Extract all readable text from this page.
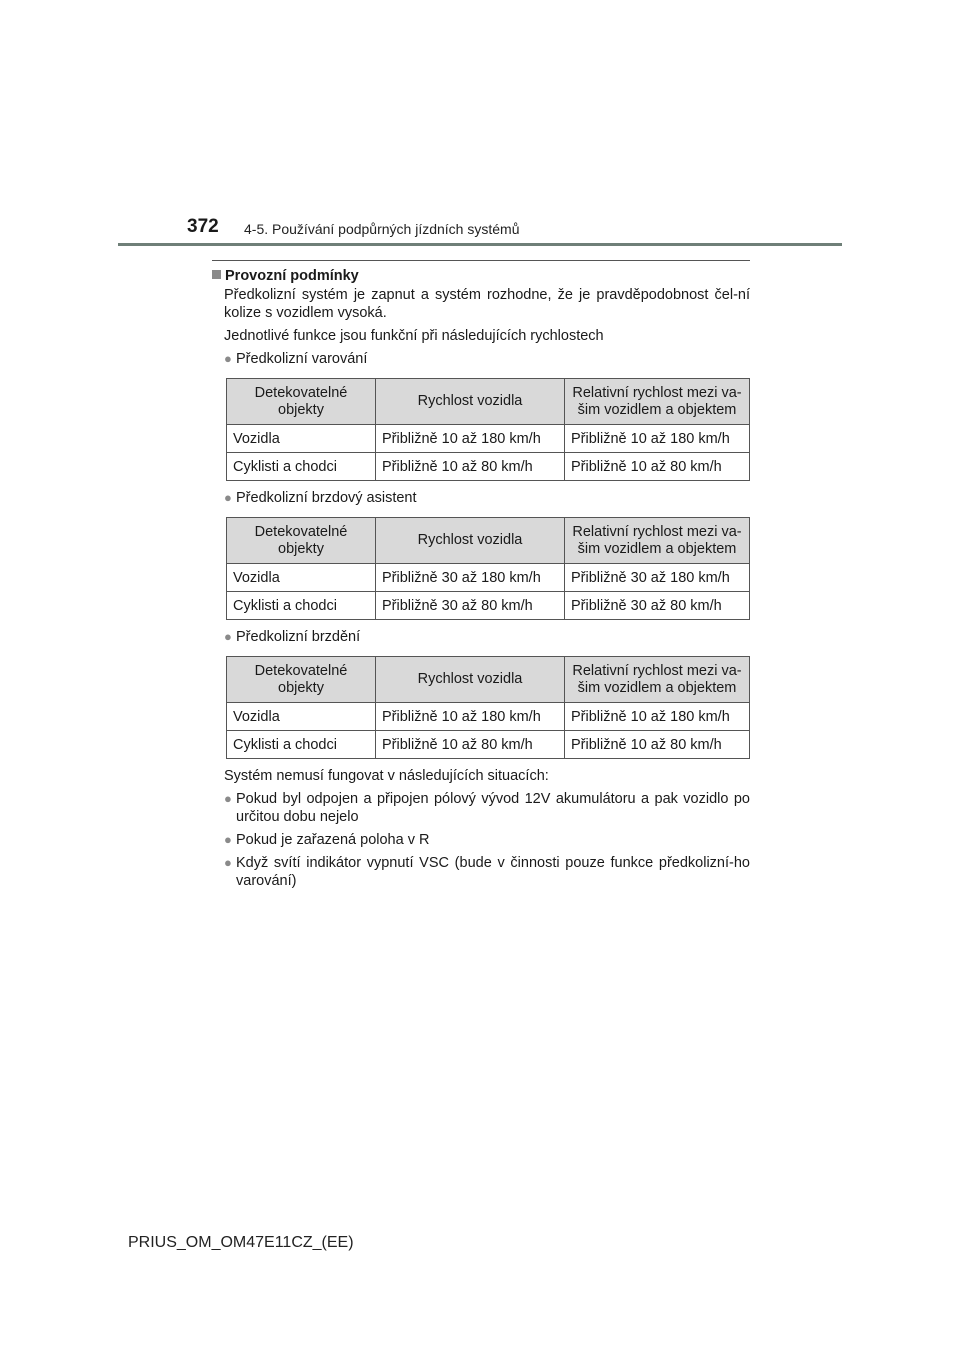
372 4-5. Používání podpůrných jízdních systémů
Provozní podmínky
Předkolizní systém je zapnut a systém rozhodne, že je pravděpodobnost čel-ní kolize s vozidlem vysoká.
Jednotlivé funkce jsou funkční při následujících rychlostech
● Předkolizní varování
Detekovatelné objekty	Rychlost vozidla	Relativní rychlost mezi va-šim vozidlem a objektem
Vozidla	Přibližně 10 až 180 km/h	Přibližně 10 až 180 km/h
Cyklisti a chodci	Přibližně 10 až 80 km/h	Přibližně 10 až 80 km/h
● Předkolizní brzdový asistent
Detekovatelné objekty	Rychlost vozidla	Relativní rychlost mezi va-šim vozidlem a objektem
Vozidla	Přibližně 30 až 180 km/h	Přibližně 30 až 180 km/h
Cyklisti a chodci	Přibližně 30 až 80 km/h	Přibližně 30 až 80 km/h
● Předkolizní brzdění
Detekovatelné objekty	Rychlost vozidla	Relativní rychlost mezi va-šim vozidlem a objektem
Vozidla	Přibližně 10 až 180 km/h	Přibližně 10 až 180 km/h
Cyklisti a chodci	Přibližně 10 až 80 km/h	Přibližně 10 až 80 km/h
Systém nemusí fungovat v následujících situacích:
● Pokud byl odpojen a připojen pólový vývod 12V akumulátoru a pak vozidlo po určitou dobu nejelo
● Pokud je zařazená poloha v R
● Když svítí indikátor vypnutí VSC (bude v činnosti pouze funkce předkolizní-ho varování)
PRIUS_OM_OM47E11CZ_(EE)
